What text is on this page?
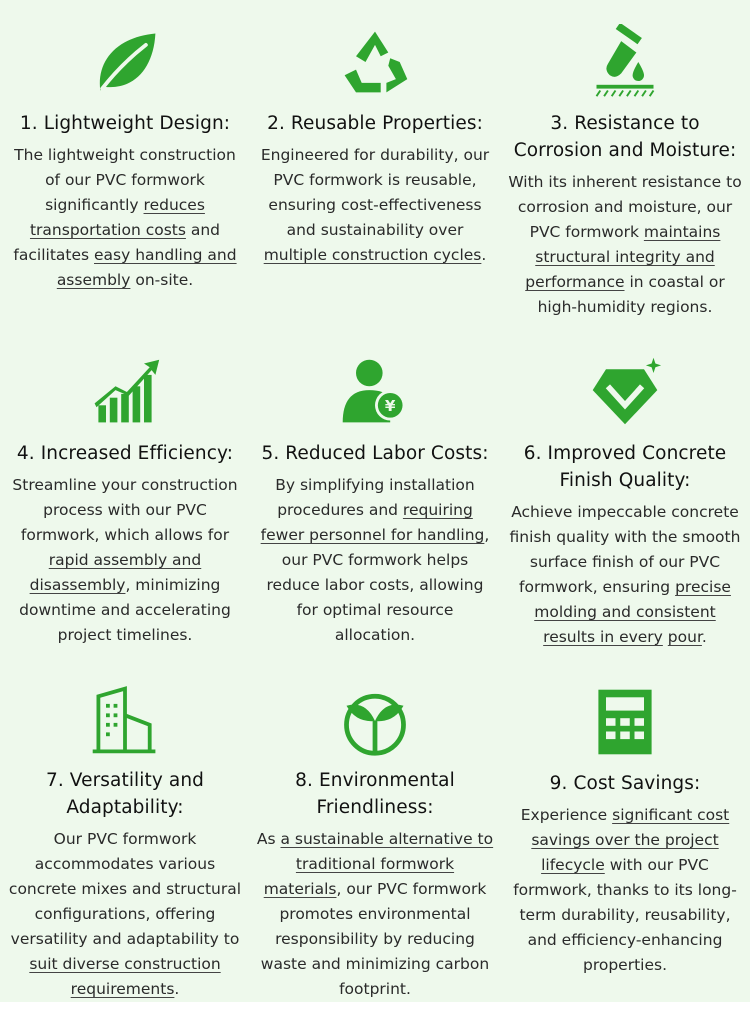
1. Lightweight Design:
The lightweight construction of our PVC formwork significantly reduces transportation costs and facilitates easy handling and assembly on-site.
2. Reusable Properties:
Engineered for durability, our PVC formwork is reusable, ensuring cost-effectiveness and sustainability over multiple construction cycles.
3. Resistance to Corrosion and Moisture:
With its inherent resistance to corrosion and moisture, our PVC formwork maintains structural integrity and performance in coastal or high-humidity regions.
4. Increased Efficiency:
Streamline your construction process with our PVC formwork, which allows for rapid assembly and disassembly, minimizing downtime and accelerating project timelines.
¥
5. Reduced Labor Costs:
By simplifying installation procedures and requiring fewer personnel for handling, our PVC formwork helps reduce labor costs, allowing for optimal resource allocation.
6. Improved Concrete Finish Quality:
Achieve impeccable concrete finish quality with the smooth surface finish of our PVC formwork, ensuring precise molding and consistent results in every pour.
7. Versatility and Adaptability:
Our PVC formwork accommodates various concrete mixes and structural configurations, offering versatility and adaptability to suit diverse construction requirements.
8. Environmental Friendliness:
As a sustainable alternative to traditional formwork materials, our PVC formwork promotes environmental responsibility by reducing waste and minimizing carbon footprint.
9. Cost Savings:
Experience significant cost savings over the project lifecycle with our PVC formwork, thanks to its long-term durability, reusability, and efficiency-enhancing properties.
